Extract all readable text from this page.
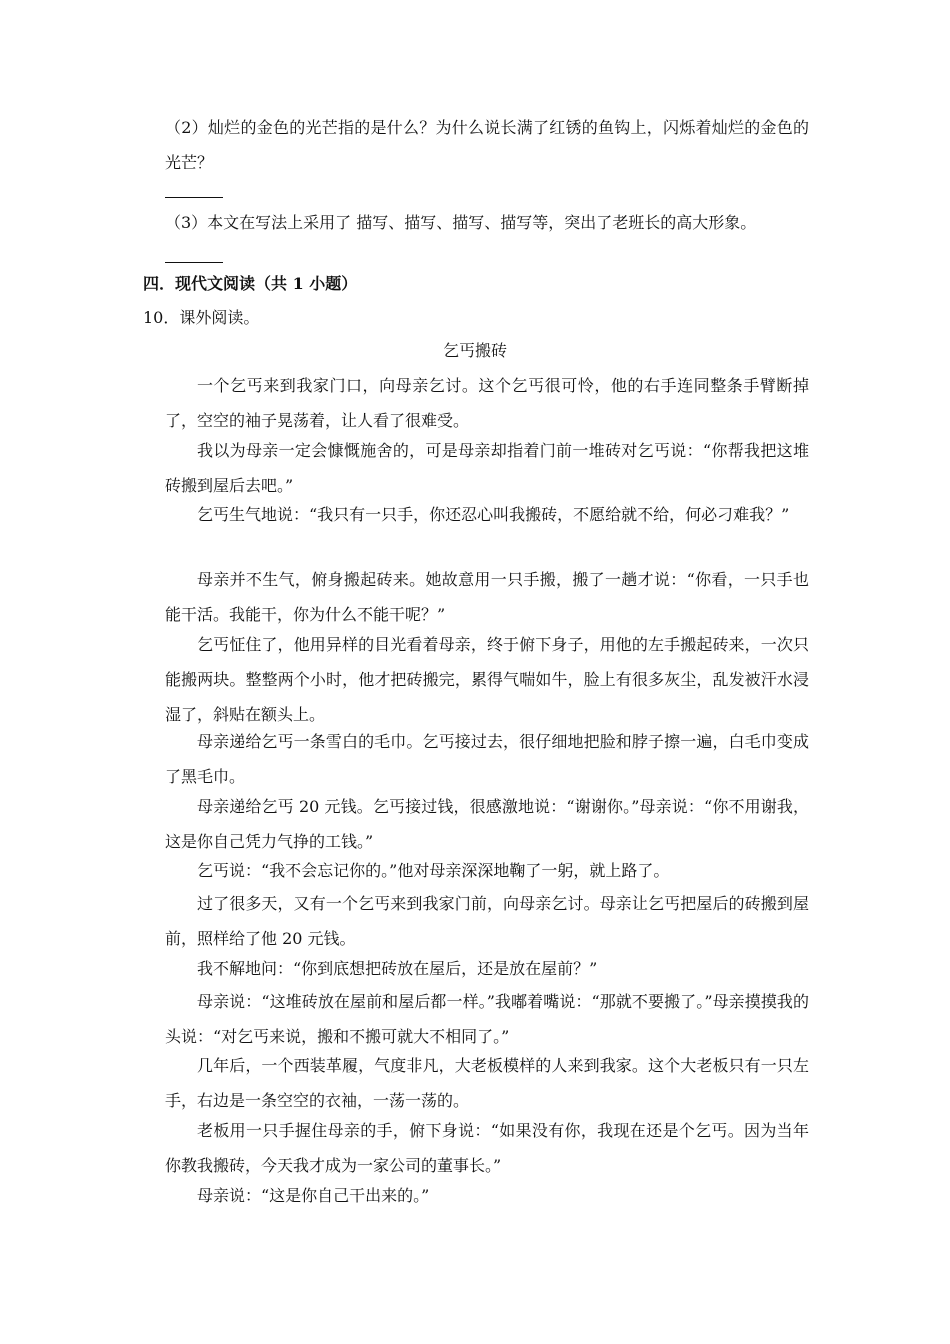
（2）灿烂的金色的光芒指的是什么？为什么说长满了红锈的鱼钩上，闪烁着灿烂的金色的光芒？
（3）本文在写法上采用了 描写、描写、描写、描写等，突出了老班长的高大形象。
四．现代文阅读（共 1 小题）
10．课外阅读。
乞丐搬砖
一个乞丐来到我家门口，向母亲乞讨。这个乞丐很可怜，他的右手连同整条手臂断掉了，空空的袖子晃荡着，让人看了很难受。
我以为母亲一定会慷慨施舍的，可是母亲却指着门前一堆砖对乞丐说：“你帮我把这堆砖搬到屋后去吧。”
乞丐生气地说：“我只有一只手，你还忍心叫我搬砖，不愿给就不给，何必刁难我？”
母亲并不生气，俯身搬起砖来。她故意用一只手搬，搬了一趟才说：“你看，一只手也能干活。我能干，你为什么不能干呢？”
乞丐怔住了，他用异样的目光看着母亲，终于俯下身子，用他的左手搬起砖来，一次只能搬两块。整整两个小时，他才把砖搬完，累得气喘如牛，脸上有很多灰尘，乱发被汗水浸湿了，斜贴在额头上。
母亲递给乞丐一条雪白的毛巾。乞丐接过去，很仔细地把脸和脖子擦一遍，白毛巾变成了黑毛巾。
母亲递给乞丐 20 元钱。乞丐接过钱，很感激地说：“谢谢你。”母亲说：“你不用谢我，这是你自己凭力气挣的工钱。”
乞丐说：“我不会忘记你的。”他对母亲深深地鞠了一躬，就上路了。
过了很多天，又有一个乞丐来到我家门前，向母亲乞讨。母亲让乞丐把屋后的砖搬到屋前，照样给了他 20 元钱。
我不解地问：“你到底想把砖放在屋后，还是放在屋前？”
母亲说：“这堆砖放在屋前和屋后都一样。”我嘟着嘴说：“那就不要搬了。”母亲摸摸我的头说：“对乞丐来说，搬和不搬可就大不相同了。”
几年后，一个西装革履，气度非凡，大老板模样的人来到我家。这个大老板只有一只左手，右边是一条空空的衣袖，一荡一荡的。
老板用一只手握住母亲的手，俯下身说：“如果没有你，我现在还是个乞丐。因为当年你教我搬砖，今天我才成为一家公司的董事长。”
母亲说：“这是你自己干出来的。”
